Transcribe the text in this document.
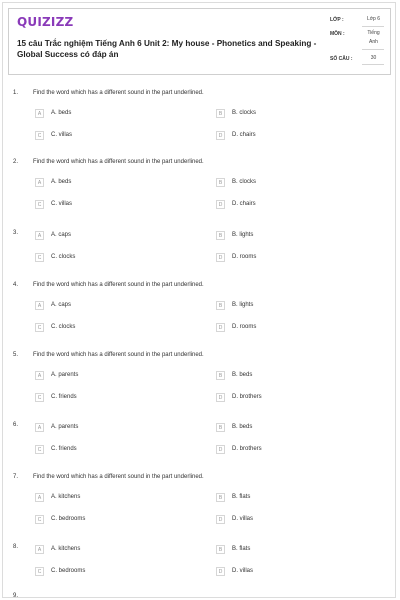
QUIZIZZ
15 câu Trắc nghiệm Tiếng Anh 6 Unit 2: My house - Phonetics and Speaking - Global Success có đáp án
LỚP :	Lớp 6
MÔN :	Tiếng
Anh
SỐ CÂU :	30
1. Find the word which has a different sound in the part underlined.
A	A. beds	B	B. clocks
C	C. villas	D	D. chairs
2. Find the word which has a different sound in the part underlined.
A	A. beds	B	B. clocks
C	C. villas	D	D. chairs
3.	A	A. caps	B	B. lights
C	C. clocks	D	D. rooms
4. Find the word which has a different sound in the part underlined.
A	A. caps	B	B. lights
C	C. clocks	D	D. rooms
5. Find the word which has a different sound in the part underlined.
A	A. parents	B	B. beds
C	C. friends	D	D. brothers
6.	A	A. parents	B	B. beds
C	C. friends	D	D. brothers
7. Find the word which has a different sound in the part underlined.
A	A. kitchens	B	B. flats
C	C. bedrooms	D	D. villas
8.	A	A. kitchens	B	B. flats
C	C. bedrooms	D	D. villas
9.
